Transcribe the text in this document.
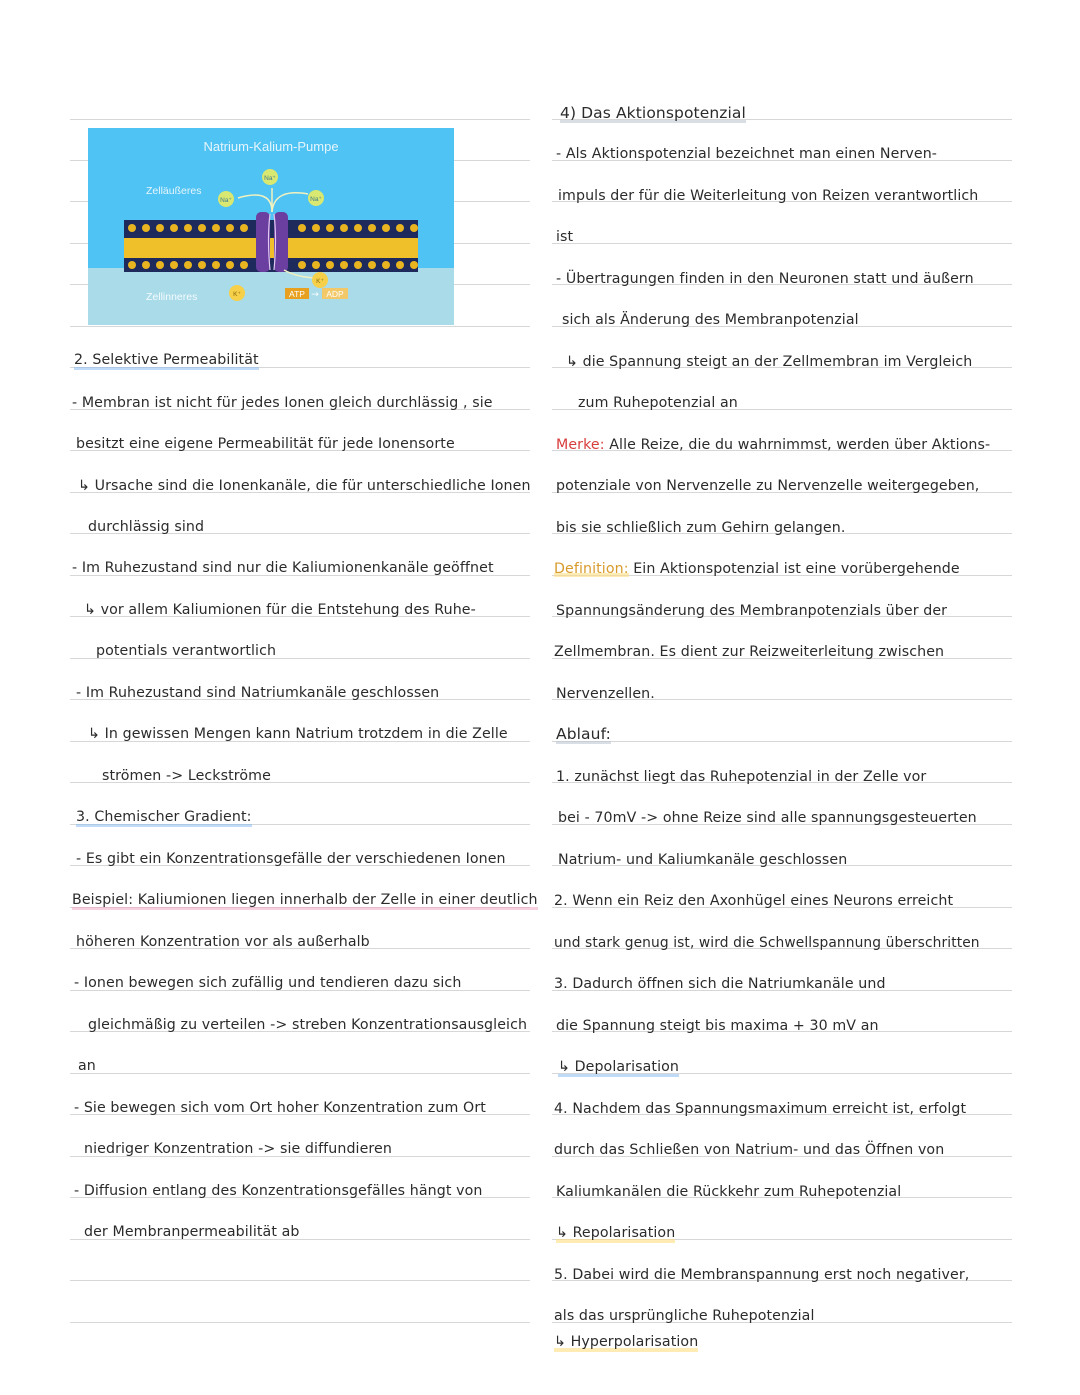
2. Selektive Permeabilität
- Membran ist nicht für jedes Ionen gleich durchlässig , sie
besitzt eine eigene Permeabilität für jede Ionensorte
↳ Ursache sind die Ionenkanäle, die für unterschiedliche Ionen
durchlässig sind
- Im Ruhezustand sind nur die Kaliumionenkanäle geöffnet
↳ vor allem Kaliumionen für die Entstehung des Ruhe-
potentials verantwortlich
- Im Ruhezustand sind Natriumkanäle geschlossen
↳ In gewissen Mengen kann Natrium trotzdem in die Zelle
strömen -> Leckströme
3. Chemischer Gradient:
- Es gibt ein Konzentrationsgefälle der verschiedenen Ionen
Beispiel: Kaliumionen liegen innerhalb der Zelle in einer deutlich
höheren Konzentration vor als außerhalb
- Ionen bewegen sich zufällig und tendieren dazu sich
gleichmäßig zu verteilen -> streben Konzentrationsausgleich
an
- Sie bewegen sich vom Ort hoher Konzentration zum Ort
niedriger Konzentration -> sie diffundieren
- Diffusion entlang des Konzentrationsgefälles hängt von
der Membranpermeabilität ab
Natrium-Kalium-Pumpe
Zelläußeres
Zellinneres
Na⁺
Na⁺
Na⁺
K⁺
K⁺
ATP → ADP
4) Das Aktionspotenzial
- Als Aktionspotenzial bezeichnet man einen Nerven-
impuls der für die Weiterleitung von Reizen verantwortlich
ist
- Übertragungen finden in den Neuronen statt und äußern
sich als Änderung des Membranpotenzial
↳ die Spannung steigt an der Zellmembran im Vergleich
zum Ruhepotenzial an
Merke: Alle Reize, die du wahrnimmst, werden über Aktions-
potenziale von Nervenzelle zu Nervenzelle weitergegeben,
bis sie schließlich zum Gehirn gelangen.
Definition: Ein Aktionspotenzial ist eine vorübergehende
Spannungsänderung des Membranpotenzials über der
Zellmembran. Es dient zur Reizweiterleitung zwischen
Nervenzellen.
Ablauf:
1. zunächst liegt das Ruhepotenzial in der Zelle vor
bei - 70mV -> ohne Reize sind alle spannungsgesteuerten
Natrium- und Kaliumkanäle geschlossen
2. Wenn ein Reiz den Axonhügel eines Neurons erreicht
und stark genug ist, wird die Schwellspannung überschritten
3. Dadurch öffnen sich die Natriumkanäle und
die Spannung steigt bis maxima + 30 mV an
↳ Depolarisation
4. Nachdem das Spannungsmaximum erreicht ist, erfolgt
durch das Schließen von Natrium- und das Öffnen von
Kaliumkanälen die Rückkehr zum Ruhepotenzial
↳ Repolarisation
5. Dabei wird die Membranspannung erst noch negativer,
als das ursprüngliche Ruhepotenzial
↳ Hyperpolarisation
